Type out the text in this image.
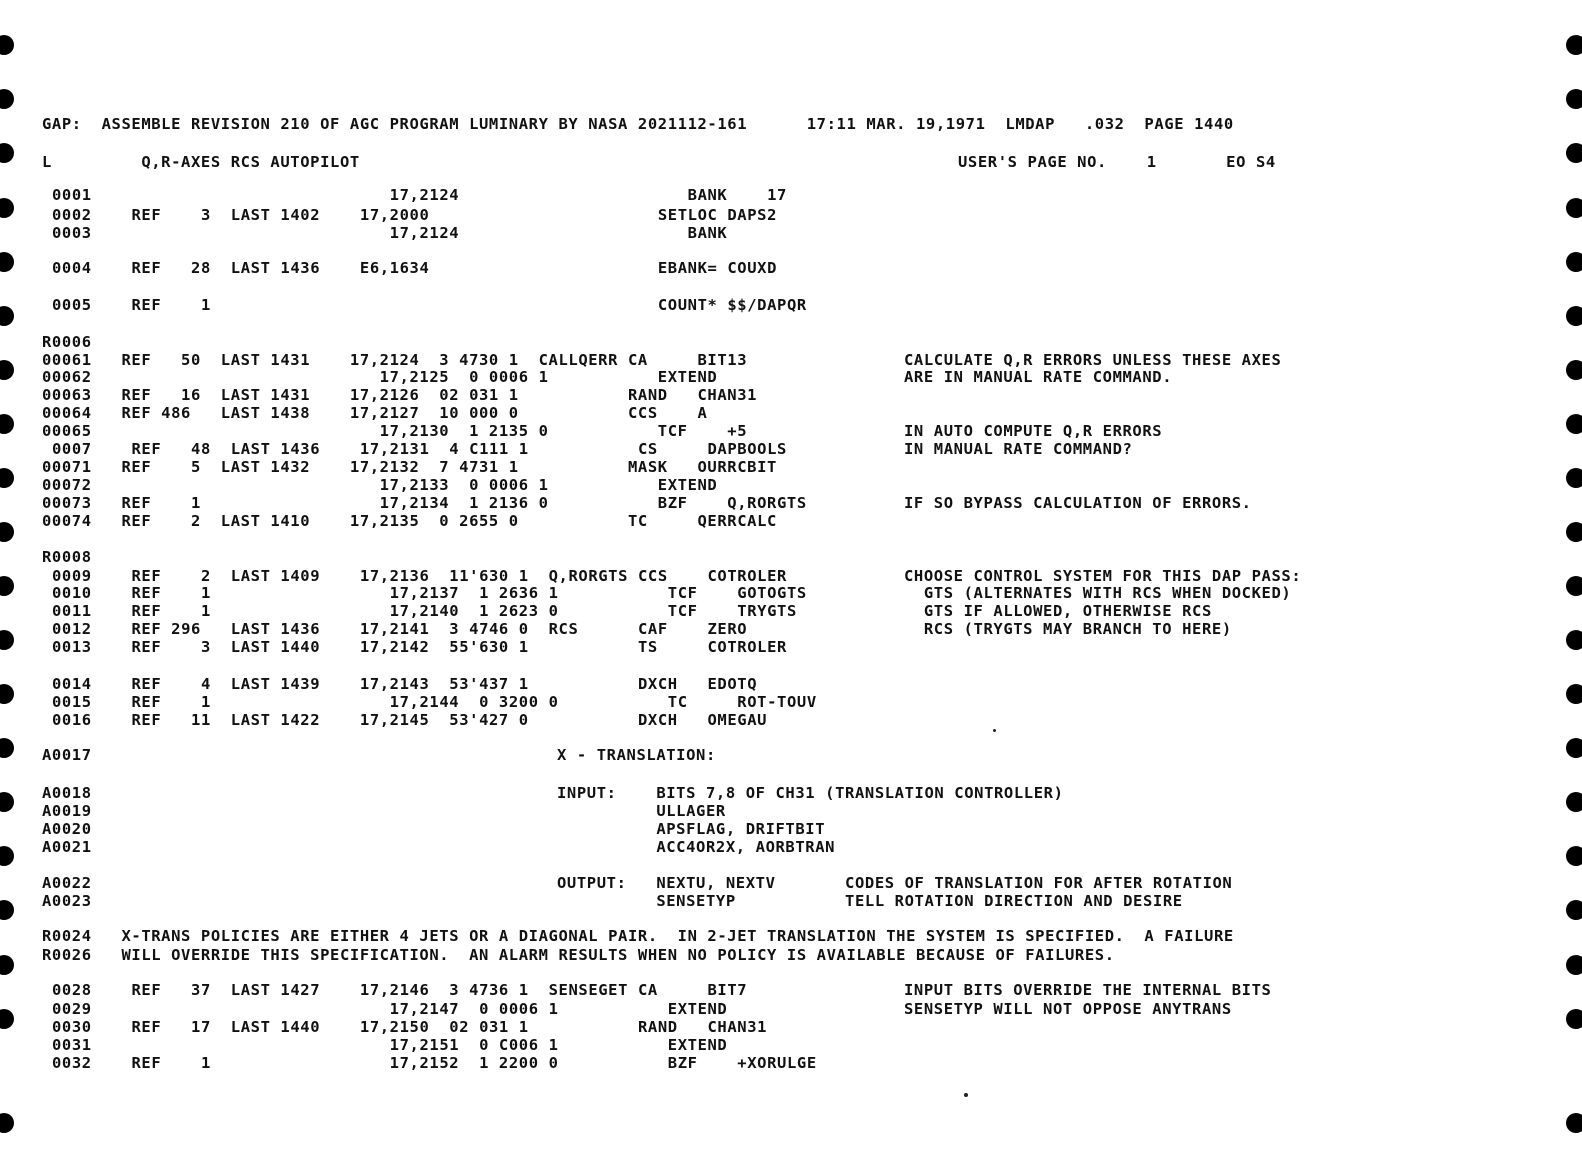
GAP:  ASSEMBLE REVISION 210 OF AGC PROGRAM LUMINARY BY NASA 2021112-161      17:11 MAR. 19,1971  LMDAP   .032  PAGE 1440
L         Q,R-AXES RCS AUTOPILOT	USER'S PAGE NO.    1       EO S4
0001                              17,2124                       BANK    17
0002    REF    3  LAST 1402    17,2000                       SETLOC DAPS2
0003                              17,2124                       BANK
0004    REF   28  LAST 1436    E6,1634                       EBANK= COUXD
0005    REF    1                                             COUNT* $$/DAPQR
R0006
00061   REF   50  LAST 1431    17,2124  3 4730 1  CALLQERR CA     BIT13
00062                             17,2125  0 0006 1           EXTEND
00063   REF   16  LAST 1431    17,2126  02 031 1           RAND   CHAN31
00064   REF 486   LAST 1438    17,2127  10 000 0           CCS    A
00065                             17,2130  1 2135 0           TCF    +5
0007    REF   48  LAST 1436    17,2131  4 C111 1           CS     DAPBOOLS
00071   REF    5  LAST 1432    17,2132  7 4731 1           MASK   OURRCBIT
00072                             17,2133  0 0006 1           EXTEND
00073   REF    1                  17,2134  1 2136 0           BZF    Q,RORGTS
00074   REF    2  LAST 1410    17,2135  0 2655 0           TC     QERRCALC
R0008
0009    REF    2  LAST 1409    17,2136  11'630 1  Q,RORGTS CCS    COTROLER
0010    REF    1                  17,2137  1 2636 1           TCF    GOTOGTS
0011    REF    1                  17,2140  1 2623 0           TCF    TRYGTS
0012    REF 296   LAST 1436    17,2141  3 4746 0  RCS      CAF    ZERO
0013    REF    3  LAST 1440    17,2142  55'630 1           TS     COTROLER
0014    REF    4  LAST 1439    17,2143  53'437 1           DXCH   EDOTQ
0015    REF    1                  17,2144  0 3200 0           TC     ROT-TOUV
0016    REF   11  LAST 1422    17,2145  53'427 0           DXCH   OMEGAU
A0017
A0018
A0019
A0020
A0021
A0022
A0023
R0024   X-TRANS POLICIES ARE EITHER 4 JETS OR A DIAGONAL PAIR.  IN 2-JET TRANSLATION THE SYSTEM IS SPECIFIED.  A FAILURE
R0026   WILL OVERRIDE THIS SPECIFICATION.  AN ALARM RESULTS WHEN NO POLICY IS AVAILABLE BECAUSE OF FAILURES.
0028    REF   37  LAST 1427    17,2146  3 4736 1  SENSEGET CA     BIT7
0029                              17,2147  0 0006 1           EXTEND
0030    REF   17  LAST 1440    17,2150  02 031 1           RAND   CHAN31
0031                              17,2151  0 C006 1           EXTEND
0032    REF    1                  17,2152  1 2200 0           BZF    +XORULGE
CALCULATE Q,R ERRORS UNLESS THESE AXES
ARE IN MANUAL RATE COMMAND.
IN AUTO COMPUTE Q,R ERRORS
IN MANUAL RATE COMMAND?
IF SO BYPASS CALCULATION OF ERRORS.
CHOOSE CONTROL SYSTEM FOR THIS DAP PASS:
GTS (ALTERNATES WITH RCS WHEN DOCKED)
GTS IF ALLOWED, OTHERWISE RCS
RCS (TRYGTS MAY BRANCH TO HERE)
INPUT BITS OVERRIDE THE INTERNAL BITS
SENSETYP WILL NOT OPPOSE ANYTRANS
X - TRANSLATION:
INPUT:    BITS 7,8 OF CH31 (TRANSLATION CONTROLLER)
ULLAGER
APSFLAG, DRIFTBIT
ACC4OR2X, AORBTRAN
OUTPUT:   NEXTU, NEXTV       CODES OF TRANSLATION FOR AFTER ROTATION
SENSETYP           TELL ROTATION DIRECTION AND DESIRE
